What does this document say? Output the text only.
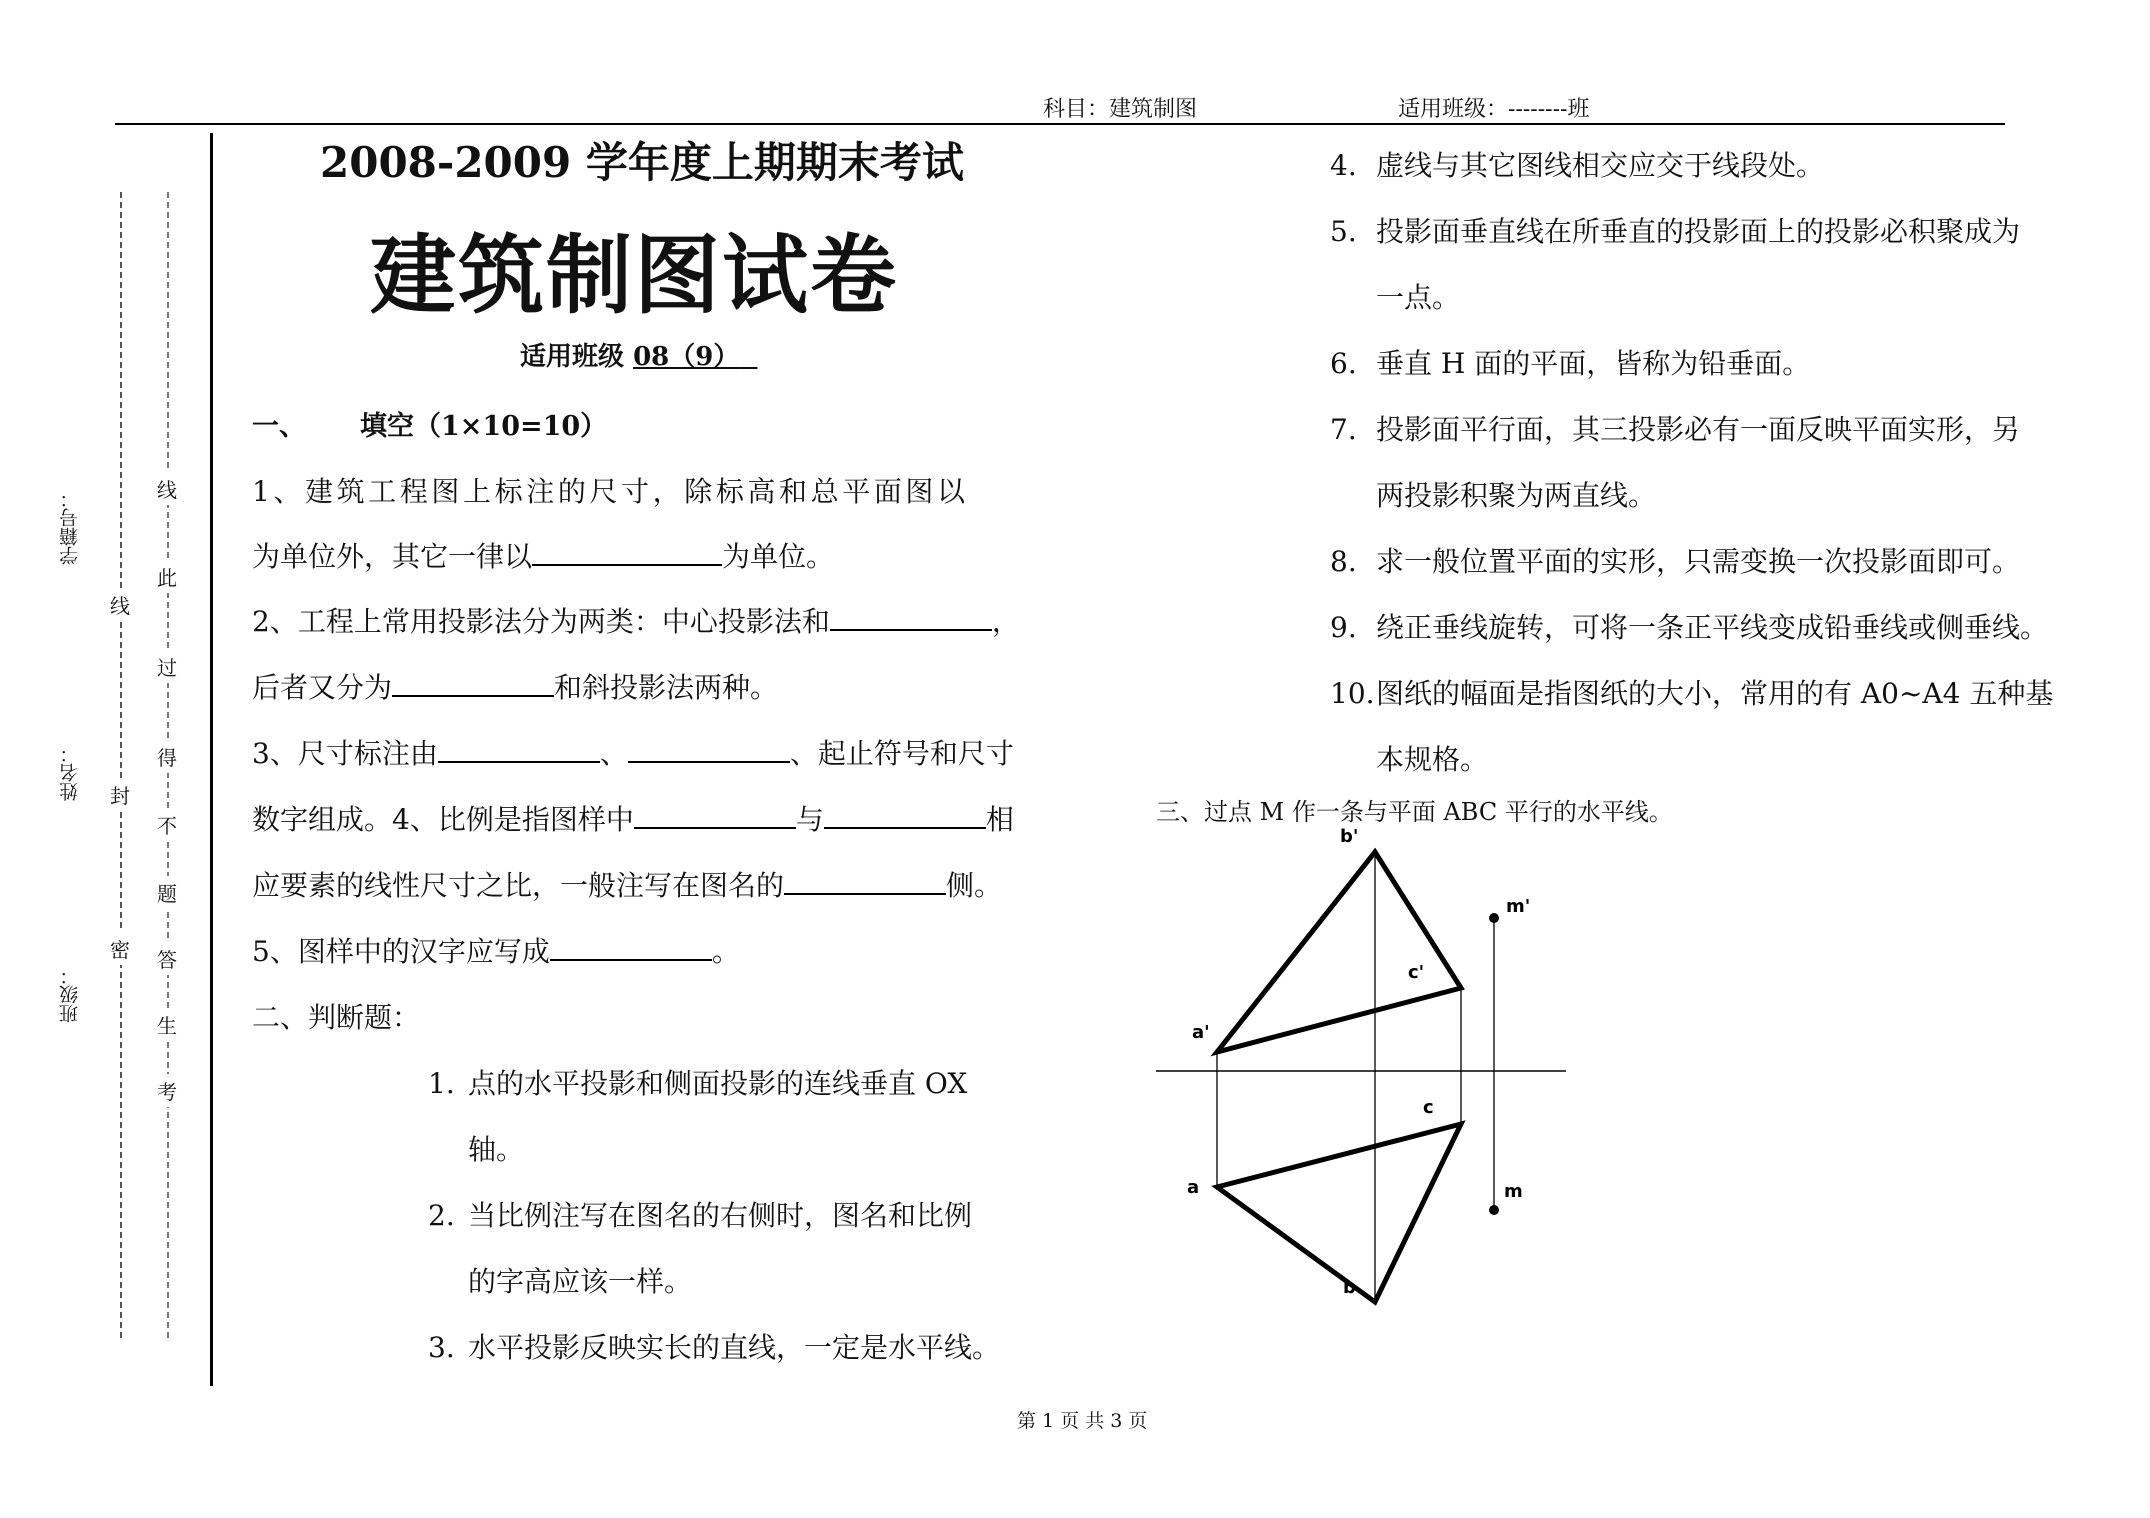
科目：建筑制图	适用班级：--------班
学籍号：
姓名：
班级：
线
此
过
得
不
题
答
生
考
线
封
密
2008-2009 学年度上期期末考试
建筑制图试卷
适用班级 08（9）
一、 填空（1×10=10）
1、建筑工程图上标注的尺寸，除标高和总平面图以
为单位外，其它一律以	为单位。
2、工程上常用投影法分为两类：中心投影法和	，
后者又分为	和斜投影法两种。
3、尺寸标注由	、	、起止符号和尺寸
数字组成。4、比例是指图样中	与	相
应要素的线性尺寸之比，一般注写在图名的	侧。
5、图样中的汉字应写成	。
二、判断题：
1. 点的水平投影和侧面投影的连线垂直 OX
轴。
2. 当比例注写在图名的右侧时，图名和比例
的字高应该一样。
3. 水平投影反映实长的直线，一定是水平线。
4. 虚线与其它图线相交应交于线段处。
5. 投影面垂直线在所垂直的投影面上的投影必积聚成为
一点。
6. 垂直 H 面的平面，皆称为铅垂面。
7. 投影面平行面，其三投影必有一面反映平面实形，另
两投影积聚为两直线。
8. 求一般位置平面的实形，只需变换一次投影面即可。
9. 绕正垂线旋转，可将一条正平线变成铅垂线或侧垂线。
10.图纸的幅面是指图纸的大小，常用的有 A0~A4 五种基
本规格。
三、过点 M 作一条与平面 ABC 平行的水平线。
b'
c'
a'
m'
a
b
c
m
第 1 页 共 3 页
